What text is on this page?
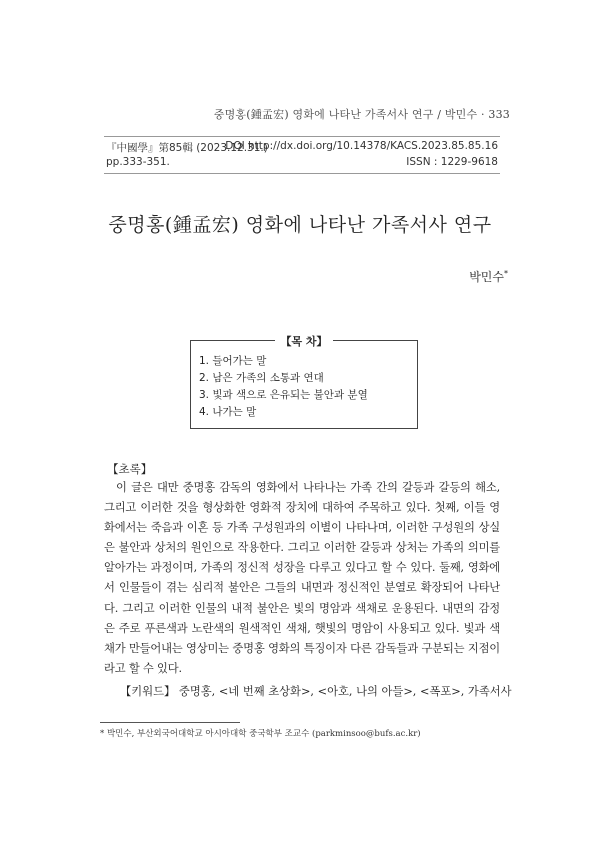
중명홍(鍾孟宏) 영화에 나타난 가족서사 연구 / 박민수 · 333
『中國學』第85輯 (2023.12.31.)
DOI http://dx.doi.org/10.14378/KACS.2023.85.85.16
pp.333-351.	ISSN : 1229-9618
중명홍(鍾孟宏) 영화에 나타난 가족서사 연구
박민수*
【목 차】
1. 들어가는 말
2. 남은 가족의 소통과 연대
3. 빛과 색으로 은유되는 불안과 분열
4. 나가는 말
【초록】

이 글은 대만 중명홍 감독의 영화에서 나타나는 가족 간의 갈등과 갈등의 해소, 그리고 이러한 것을 형상화한 영화적 장치에 대하여 주목하고 있다. 첫째, 이들 영화에서는 죽음과 이혼 등 가족 구성원과의 이별이 나타나며, 이러한 구성원의 상실은 불안과 상처의 원인으로 작용한다. 그리고 이러한 갈등과 상처는 가족의 의미를 알아가는 과정이며, 가족의 정신적 성장을 다루고 있다고 할 수 있다. 둘째, 영화에서 인물들이 겪는 심리적 불안은 그들의 내면과 정신적인 분열로 확장되어 나타난다. 그리고 이러한 인물의 내적 불안은 빛의 명암과 색채로 운용된다. 내면의 감정은 주로 푸른색과 노란색의 원색적인 색채, 햇빛의 명암이 사용되고 있다. 빛과 색채가 만들어내는 영상미는 중명홍 영화의 특징이자 다른 감독들과 구분되는 지점이라고 할 수 있다.

【키워드】 중명홍, <네 번째 초상화>, <아호, 나의 아들>, <폭포>, 가족서사
* 박민수, 부산외국어대학교 아시아대학 중국학부 조교수 (parkminsoo@bufs.ac.kr)
